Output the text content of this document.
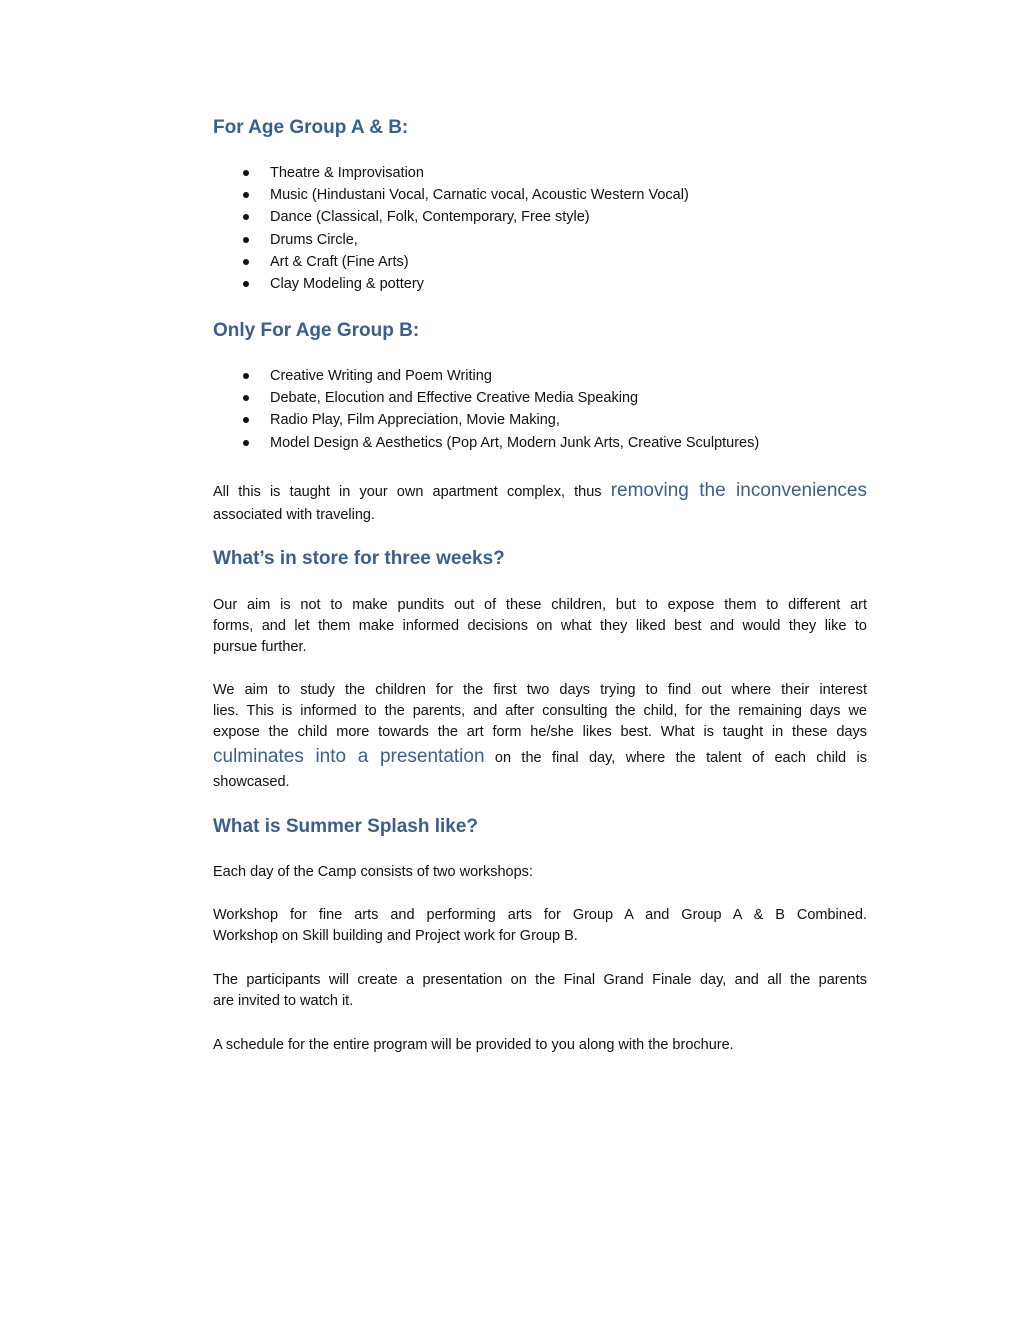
For Age Group A & B:
Theatre & Improvisation
Music (Hindustani Vocal, Carnatic vocal, Acoustic Western Vocal)
Dance (Classical, Folk, Contemporary, Free style)
Drums Circle,
Art & Craft (Fine Arts)
Clay Modeling & pottery
Only For Age Group B:
Creative Writing and Poem Writing
Debate, Elocution and Effective Creative Media Speaking
Radio Play, Film Appreciation, Movie Making,
Model Design & Aesthetics (Pop Art, Modern Junk Arts, Creative Sculptures)
All this is taught in your own apartment complex, thus removing the inconveniences
associated with traveling.
What’s in store for three weeks?
Our aim is not to make pundits out of these children, but to expose them to different art
forms, and let them make informed decisions on what they liked best and would they like to
pursue further.
We aim to study the children for the first two days trying to find out where their interest
lies. This is informed to the parents, and after consulting the child, for the remaining days we
expose the child more towards the art form he/she likes best. What is taught in these days
culminates into a presentation on the final day, where the talent of each child is
showcased.
What is Summer Splash like?
Each day of the Camp consists of two workshops:
Workshop for fine arts and performing arts for Group A and Group A & B Combined.
Workshop on Skill building and Project work for Group B.
The participants will create a presentation on the Final Grand Finale day, and all the parents
are invited to watch it.
A schedule for the entire program will be provided to you along with the brochure.
